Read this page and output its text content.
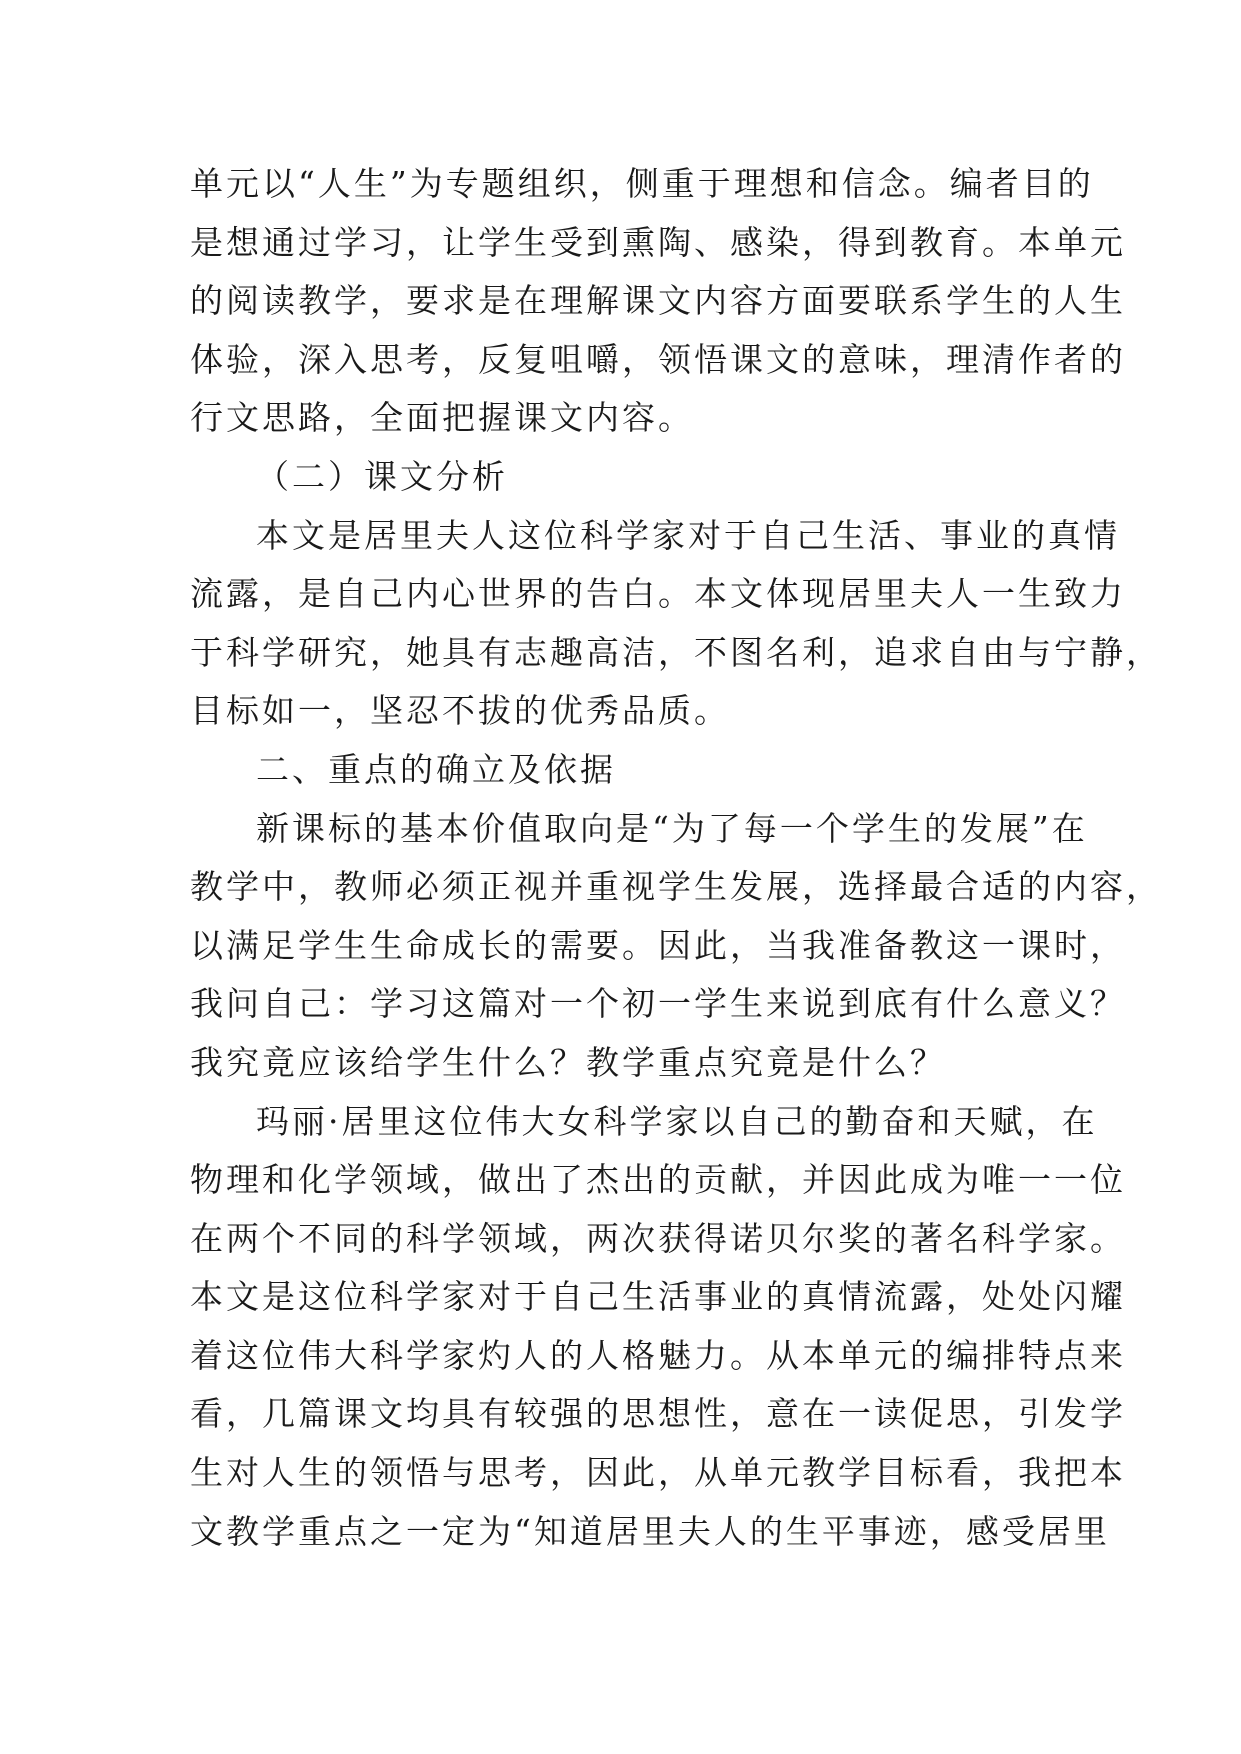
单元以“人生”为专题组织，侧重于理想和信念。编者目的
是想通过学习，让学生受到熏陶、感染，得到教育。本单元
的阅读教学，要求是在理解课文内容方面要联系学生的人生
体验，深入思考，反复咀嚼，领悟课文的意味，理清作者的
行文思路，全面把握课文内容。
（二）课文分析
本文是居里夫人这位科学家对于自己生活、事业的真情
流露，是自己内心世界的告白。本文体现居里夫人一生致力
于科学研究，她具有志趣高洁，不图名利，追求自由与宁静，
目标如一，坚忍不拔的优秀品质。
二、重点的确立及依据
新课标的基本价值取向是“为了每一个学生的发展”在
教学中，教师必须正视并重视学生发展，选择最合适的内容，
以满足学生生命成长的需要。因此，当我准备教这一课时，
我问自己：学习这篇对一个初一学生来说到底有什么意义？
我究竟应该给学生什么？教学重点究竟是什么？
玛丽·居里这位伟大女科学家以自己的勤奋和天赋，在
物理和化学领域，做出了杰出的贡献，并因此成为唯一一位
在两个不同的科学领域，两次获得诺贝尔奖的著名科学家。
本文是这位科学家对于自己生活事业的真情流露，处处闪耀
着这位伟大科学家灼人的人格魅力。从本单元的编排特点来
看，几篇课文均具有较强的思想性，意在一读促思，引发学
生对人生的领悟与思考，因此，从单元教学目标看，我把本
文教学重点之一定为“知道居里夫人的生平事迹，感受居里
